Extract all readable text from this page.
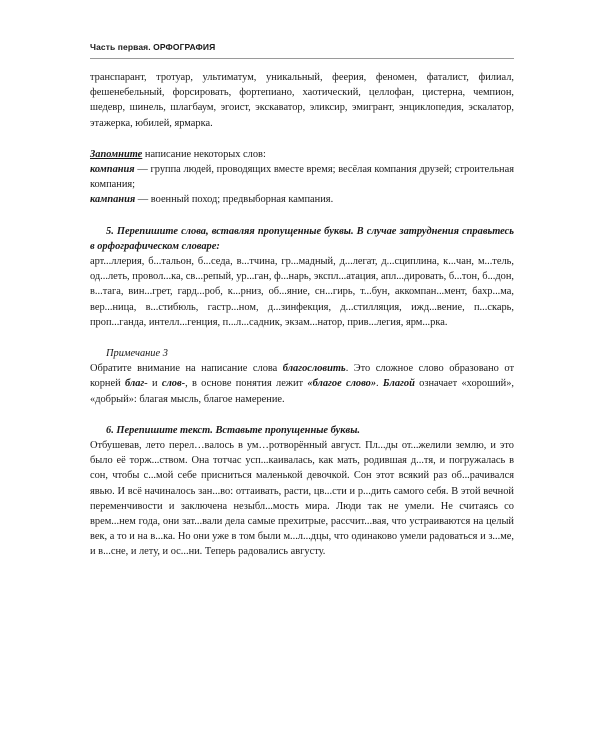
Часть первая. ОРФОГРАФИЯ

транспарант, тротуар, ультиматум, уникальный, феерия, феномен, фаталист, филиал, фешенебельный, форсировать, фортепиано, хаотический, целлофан, цистерна, чемпион, шедевр, шинель, шлагбаум, эгоист, экскаватор, эликсир, эмигрант, энциклопедия, эскалатор, этажерка, юбилей, ярмарка.

Запомните написание некоторых слов:

компания — группа людей, проводящих вместе время; весёлая компания друзей; строительная компания;

кампания — военный поход; предвыборная кампания.

5. Перепишите слова, вставляя пропущенные буквы. В случае затруднения справьтесь в орфографическом словаре:

арт...ллерия, б...тальон, б...седа, в...тчина, гр...мадный, д...легат, д...сциплина, к...чан, м...тель, од...леть, провол...ка, св...репый, ур...ган, ф...нарь, экспл...атация, апл...дировать, б...тон, б...дон, в...тага, вин...грет, гард...роб, к...рниз, об...яние, сн...гирь, т...бун, аккомпан...мент, бахр...ма, вер...ница, в...стибюль, гастр...ном, д...зинфекция, д...стилляция, ижд...вение, п...скарь, проп...ганда, интелл...генция, п...л...садник, экзам...натор, прив...легия, ярм...рка.

Примечание 3

Обратите внимание на написание слова благословить. Это сложное слово образовано от корней благ- и слов-, в основе понятия лежит «благое слово». Благой означает «хороший», «добрый»: благая мысль, благое намерение.

6. Перепишите текст. Вставьте пропущенные буквы.

Отбушевав, лето перел…валось в ум…ротворённый август. Пл...ды от...желили землю, и это было её торж...ством. Она тотчас усп...каивалась, как мать, родившая д...тя, и погружалась в сон, чтобы с...мой себе присниться маленькой девочкой. Сон этот всякий раз об...рачивался явью. И всё начиналось зан...во: оттаивать, расти, цв...сти и р...дить самого себя. В этой вечной переменчивости и заключена незыбл...мость мира. Люди так не умели. Не считаясь со врем...нем года, они зат...вали дела самые прехитрые, рассчит...вая, что устраиваются на целый век, а то и на в...ка. Но они уже в том были м...л...дцы, что одинаково умели радоваться и з...ме, и в...сне, и лету, и ос...ни. Теперь радовались августу.
